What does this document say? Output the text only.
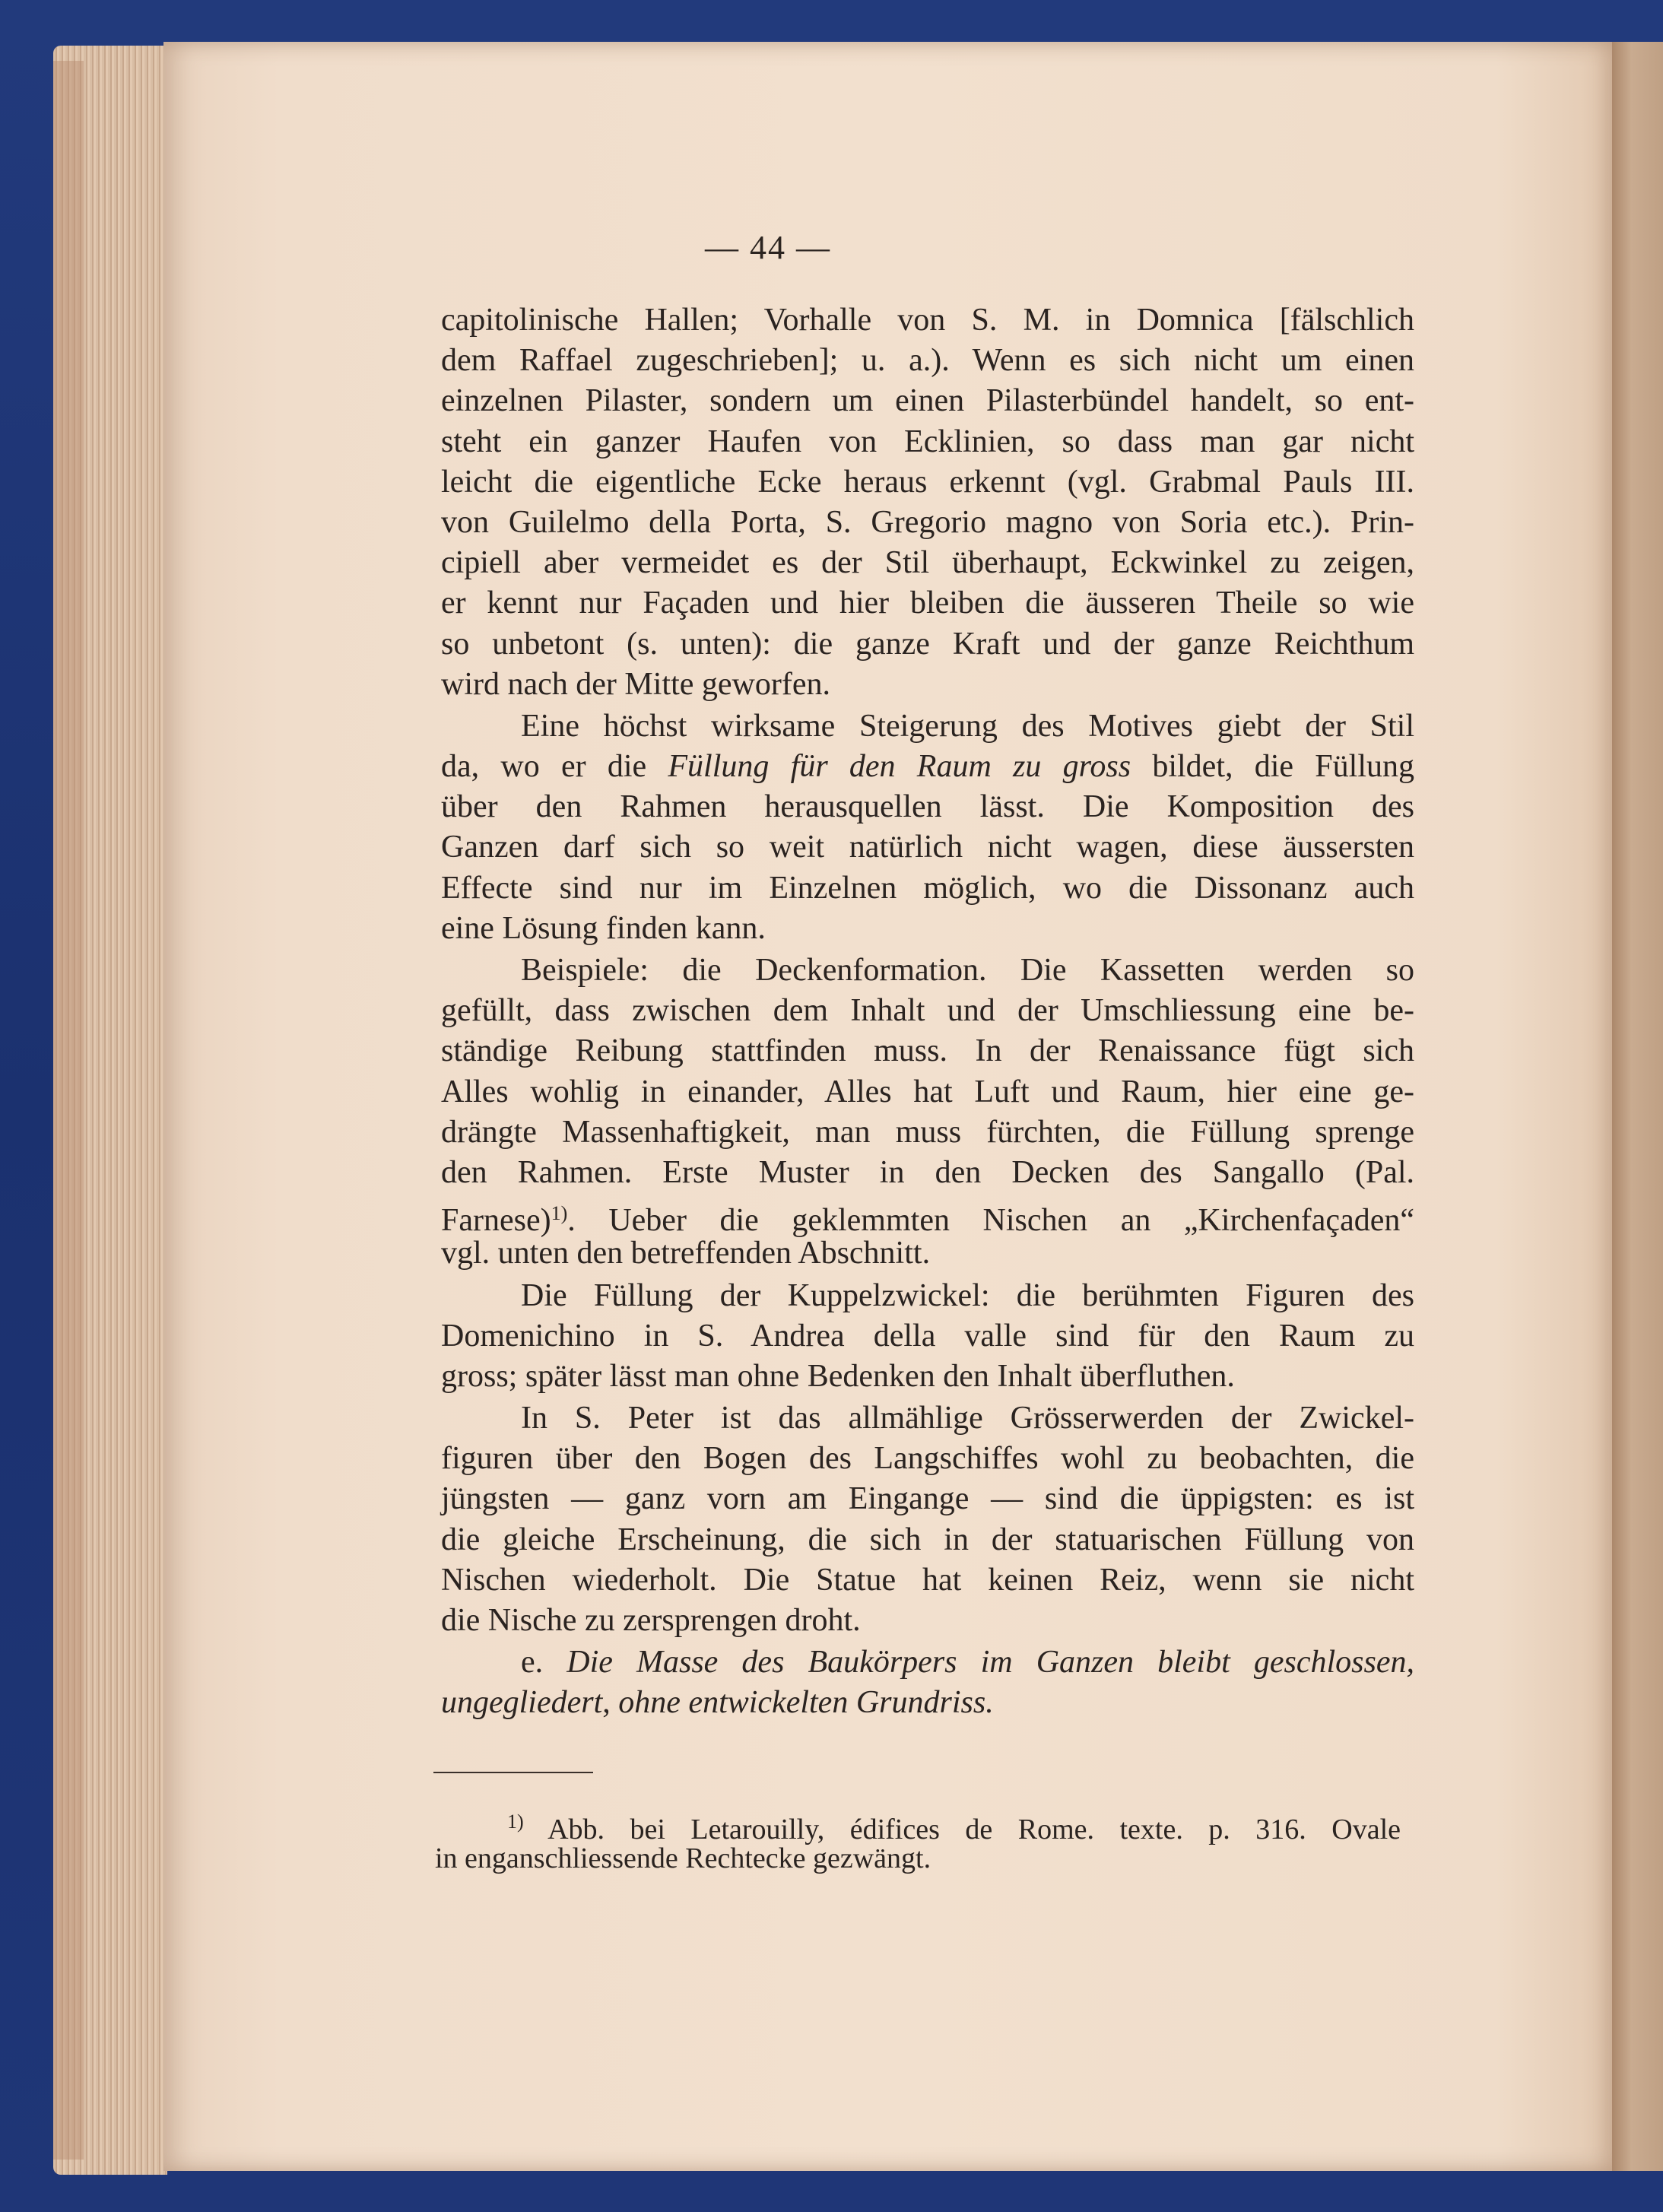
— 44 —
capitolinische Hallen; Vorhalle von S. M. in Domnica [fälschlich
dem Raffael zugeschrieben]; u. a.). Wenn es sich nicht um einen
einzelnen Pilaster, sondern um einen Pilasterbündel handelt, so ent-
steht ein ganzer Haufen von Ecklinien, so dass man gar nicht
leicht die eigentliche Ecke heraus erkennt (vgl. Grabmal Pauls III.
von Guilelmo della Porta, S. Gregorio magno von Soria etc.). Prin-
cipiell aber vermeidet es der Stil überhaupt, Eckwinkel zu zeigen,
er kennt nur Façaden und hier bleiben die äusseren Theile so wie
so unbetont (s. unten): die ganze Kraft und der ganze Reichthum
wird nach der Mitte geworfen.
Eine höchst wirksame Steigerung des Motives giebt der Stil
da, wo er die Füllung für den Raum zu gross bildet, die Füllung
über den Rahmen herausquellen lässt. Die Komposition des
Ganzen darf sich so weit natürlich nicht wagen, diese äussersten
Effecte sind nur im Einzelnen möglich, wo die Dissonanz auch
eine Lösung finden kann.
Beispiele: die Deckenformation. Die Kassetten werden so
gefüllt, dass zwischen dem Inhalt und der Umschliessung eine be-
ständige Reibung stattfinden muss. In der Renaissance fügt sich
Alles wohlig in einander, Alles hat Luft und Raum, hier eine ge-
drängte Massenhaftigkeit, man muss fürchten, die Füllung sprenge
den Rahmen. Erste Muster in den Decken des Sangallo (Pal.
Farnese)$^{1)}$. Ueber die geklemmten Nischen an „Kirchenfaçaden“
vgl. unten den betreffenden Abschnitt.
Die Füllung der Kuppelzwickel: die berühmten Figuren des
Domenichino in S. Andrea della valle sind für den Raum zu
gross; später lässt man ohne Bedenken den Inhalt überfluthen.
In S. Peter ist das allmählige Grösserwerden der Zwickel-
figuren über den Bogen des Langschiffes wohl zu beobachten, die
jüngsten — ganz vorn am Eingange — sind die üppigsten: es ist
die gleiche Erscheinung, die sich in der statuarischen Füllung von
Nischen wiederholt. Die Statue hat keinen Reiz, wenn sie nicht
die Nische zu zersprengen droht.
e. Die Masse des Baukörpers im Ganzen bleibt geschlossen,
ungegliedert, ohne entwickelten Grundriss.
$^{1)}$ Abb. bei Letarouilly, édifices de Rome. texte. p. 316. Ovale
in enganschliessende Rechtecke gezwängt.
